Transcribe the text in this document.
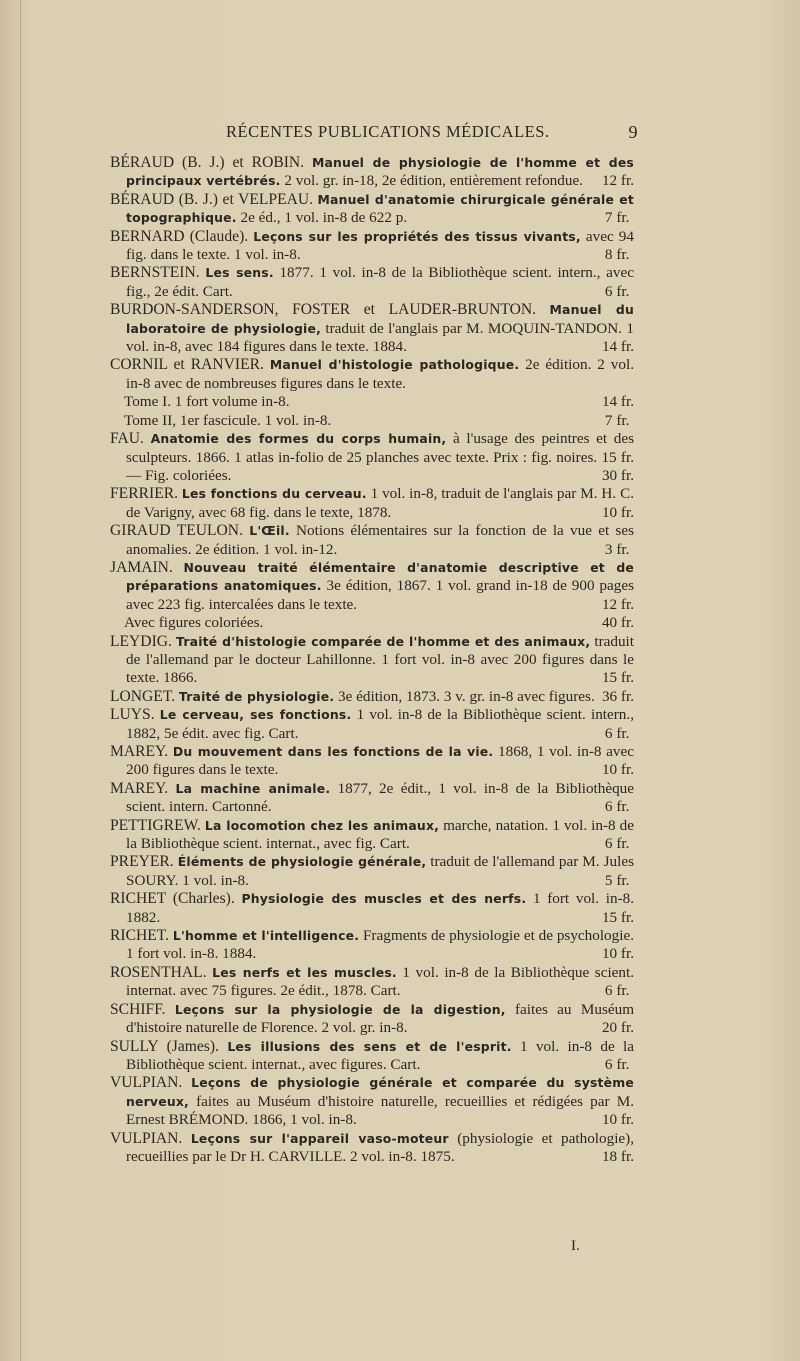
RÉCENTES PUBLICATIONS MÉDICALES.	9

BÉRAUD (B. J.) et ROBIN. Manuel de physiologie de l'homme et des principaux vertébrés. 2 vol. gr. in-18, 2e édition, entièrement refondue. 12 fr.

BÉRAUD (B. J.) et VELPEAU. Manuel d'anatomie chirurgicale générale et topographique. 2e éd., 1 vol. in-8 de 622 p.	7 fr.

BERNARD (Claude). Leçons sur les propriétés des tissus vivants, avec 94 fig. dans le texte. 1 vol. in-8.	8 fr.

BERNSTEIN. Les sens. 1877. 1 vol. in-8 de la Bibliothèque scient. intern., avec fig., 2e édit. Cart.	6 fr.

BURDON-SANDERSON, FOSTER et LAUDER-BRUNTON. Manuel du laboratoire de physiologie, traduit de l'anglais par M. MOQUIN-TANDON. 1 vol. in-8, avec 184 figures dans le texte. 1884.	14 fr.

CORNIL et RANVIER. Manuel d'histologie pathologique. 2e édition. 2 vol. in-8 avec de nombreuses figures dans le texte.
Tome I. 1 fort volume in-8.	14 fr.
Tome II, 1er fascicule. 1 vol. in-8.	7 fr.

FAU. Anatomie des formes du corps humain, à l'usage des peintres et des sculpteurs. 1866. 1 atlas in-folio de 25 planches avec texte. Prix : fig. noires. 15 fr. — Fig. coloriées.	30 fr.

FERRIER. Les fonctions du cerveau. 1 vol. in-8, traduit de l'anglais par M. H. C. de Varigny, avec 68 fig. dans le texte, 1878.	10 fr.

GIRAUD TEULON. L'Œil. Notions élémentaires sur la fonction de la vue et ses anomalies. 2e édition. 1 vol. in-12.	3 fr.

JAMAIN. Nouveau traité élémentaire d'anatomie descriptive et de préparations anatomiques. 3e édition, 1867. 1 vol. grand in-18 de 900 pages avec 223 fig. intercalées dans le texte.	12 fr.
Avec figures coloriées.	40 fr.

LEYDIG. Traité d'histologie comparée de l'homme et des animaux, traduit de l'allemand par le docteur Lahillonne. 1 fort vol. in-8 avec 200 figures dans le texte. 1866.	15 fr.

LONGET. Traité de physiologie. 3e édition, 1873. 3 v. gr. in-8 avec figures. 36 fr.

LUYS. Le cerveau, ses fonctions. 1 vol. in-8 de la Bibliothèque scient. intern., 1882, 5e édit. avec fig. Cart.	6 fr.

MAREY. Du mouvement dans les fonctions de la vie. 1868, 1 vol. in-8 avec 200 figures dans le texte.	10 fr.

MAREY. La machine animale. 1877, 2e édit., 1 vol. in-8 de la Bibliothèque scient. intern. Cartonné.	6 fr.

PETTIGREW. La locomotion chez les animaux, marche, natation. 1 vol. in-8 de la Bibliothèque scient. internat., avec fig. Cart.	6 fr.

PREYER. Éléments de physiologie générale, traduit de l'allemand par M. Jules SOURY. 1 vol. in-8.	5 fr.

RICHET (Charles). Physiologie des muscles et des nerfs. 1 fort vol. in-8. 1882.	15 fr.

RICHET. L'homme et l'intelligence. Fragments de physiologie et de psychologie. 1 fort vol. in-8. 1884.	10 fr.

ROSENTHAL. Les nerfs et les muscles. 1 vol. in-8 de la Bibliothèque scient. internat. avec 75 figures. 2e édit., 1878. Cart.	6 fr.

SCHIFF. Leçons sur la physiologie de la digestion, faites au Muséum d'histoire naturelle de Florence. 2 vol. gr. in-8.	20 fr.

SULLY (James). Les illusions des sens et de l'esprit. 1 vol. in-8 de la Bibliothèque scient. internat., avec figures. Cart.	6 fr.

VULPIAN. Leçons de physiologie générale et comparée du système nerveux, faites au Muséum d'histoire naturelle, recueillies et rédigées par M. Ernest BRÉMOND. 1866, 1 vol. in-8.	10 fr.

VULPIAN. Leçons sur l'appareil vaso-moteur (physiologie et pathologie), recueillies par le Dr H. CARVILLE. 2 vol. in-8. 1875.	18 fr.

I.
